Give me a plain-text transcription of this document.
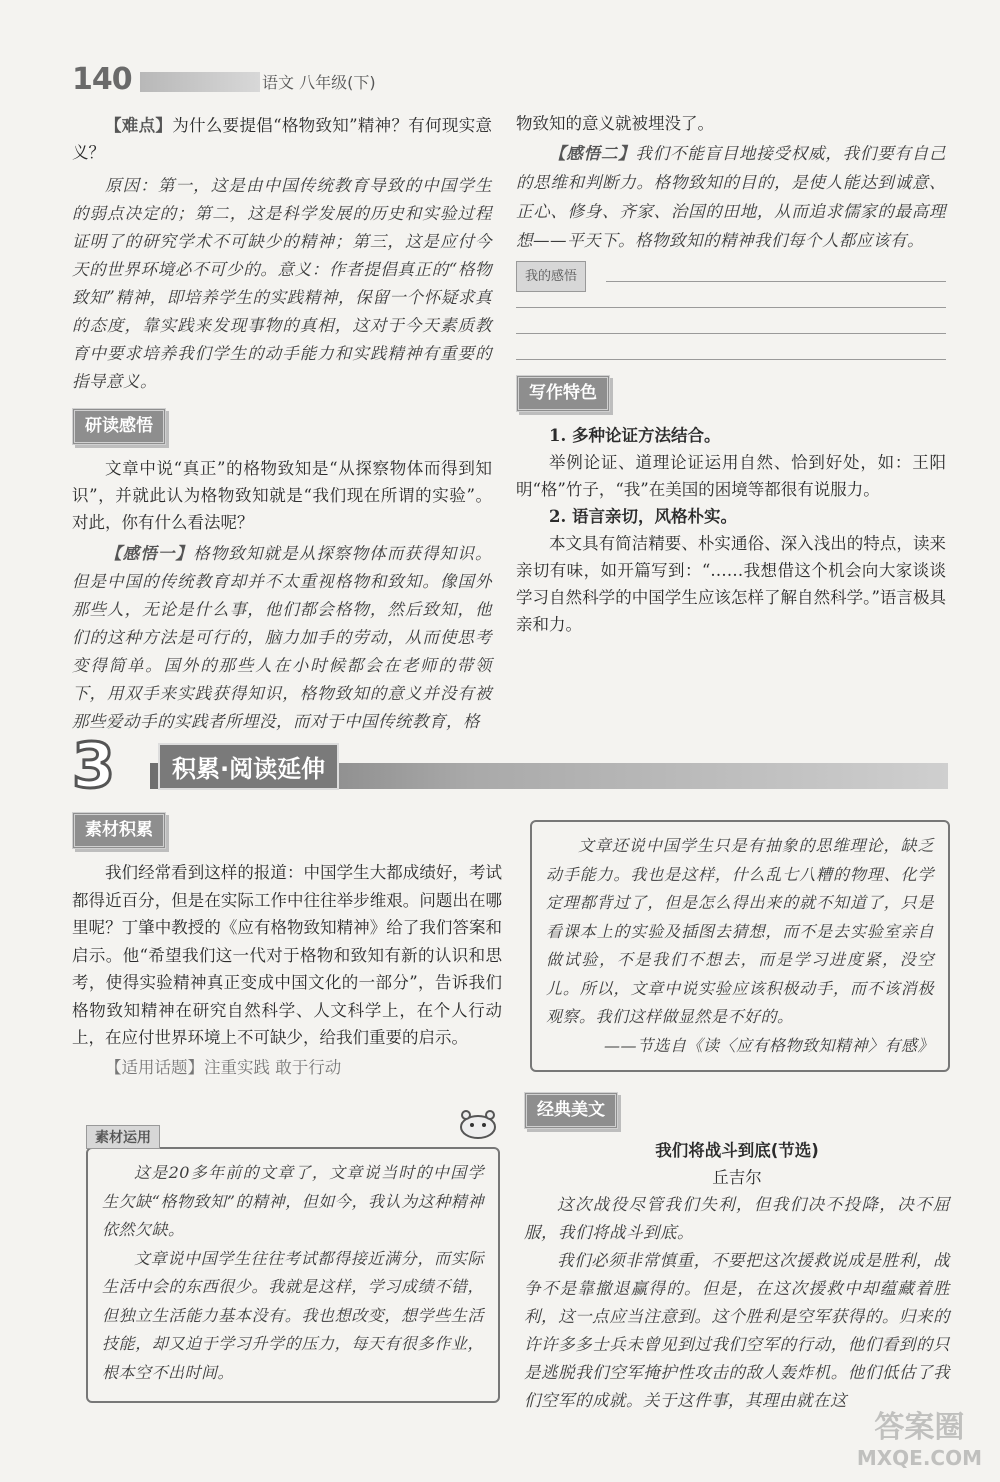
140	语文 八年级(下)

【难点】为什么要提倡“格物致知”精神？有何现实意义？

原因：第一，这是由中国传统教育导致的中国学生的弱点决定的；第二，这是科学发展的历史和实验过程证明了的研究学术不可缺少的精神；第三，这是应付今天的世界环境必不可少的。意义：作者提倡真正的“格物致知”精神，即培养学生的实践精神，保留一个怀疑求真的态度，靠实践来发现事物的真相，这对于今天素质教育中要求培养我们学生的动手能力和实践精神有重要的指导意义。

研读感悟

文章中说“真正”的格物致知是“从探察物体而得到知识”，并就此认为格物致知就是“我们现在所谓的实验”。对此，你有什么看法呢？

【感悟一】格物致知就是从探察物体而获得知识。但是中国的传统教育却并不太重视格物和致知。像国外那些人，无论是什么事，他们都会格物，然后致知，他们的这种方法是可行的，脑力加手的劳动，从而使思考变得简单。国外的那些人在小时候都会在老师的带领下，用双手来实践获得知识，格物致知的意义并没有被那些爱动手的实践者所埋没，而对于中国传统教育，格

物致知的意义就被埋没了。

【感悟二】我们不能盲目地接受权威，我们要有自己的思维和判断力。格物致知的目的，是使人能达到诚意、正心、修身、齐家、治国的田地，从而追求儒家的最高理想——平天下。格物致知的精神我们每个人都应该有。

我的感悟
写作特色

1. 多种论证方法结合。

举例论证、道理论证运用自然、恰到好处，如：王阳明“格”竹子，“我”在美国的困境等都很有说服力。

2. 语言亲切，风格朴实。

本文具有简洁精要、朴实通俗、深入浅出的特点，读来亲切有味，如开篇写到：“……我想借这个机会向大家谈谈学习自然科学的中国学生应该怎样了解自然科学。”语言极具亲和力。

3	积累·阅读延伸
素材积累

我们经常看到这样的报道：中国学生大都成绩好，考试都得近百分，但是在实际工作中往往举步维艰。问题出在哪里呢？丁肇中教授的《应有格物致知精神》给了我们答案和启示。他“希望我们这一代对于格物和致知有新的认识和思考，使得实验精神真正变成中国文化的一部分”，告诉我们格物致知精神在研究自然科学、人文科学上，在个人行动上，在应付世界环境上不可缺少，给我们重要的启示。

【适用话题】注重实践 敢于行动

素材运用

这是20多年前的文章了，文章说当时的中国学生欠缺“格物致知”的精神，但如今，我认为这种精神依然欠缺。

文章说中国学生往往考试都得接近满分，而实际生活中会的东西很少。我就是这样，学习成绩不错，但独立生活能力基本没有。我也想改变，想学些生活技能，却又迫于学习升学的压力，每天有很多作业，根本空不出时间。

文章还说中国学生只是有抽象的思维理论，缺乏动手能力。我也是这样，什么乱七八糟的物理、化学定理都背过了，但是怎么得出来的就不知道了，只是看课本上的实验及插图去猜想，而不是去实验室亲自做试验，不是我们不想去，而是学习进度紧，没空儿。所以，文章中说实验应该积极动手，而不该消极观察。我们这样做显然是不好的。

——节选自《读〈应有格物致知精神〉有感》

经典美文

我们将战斗到底(节选)

丘吉尔

这次战役尽管我们失利，但我们决不投降，决不屈服，我们将战斗到底。

我们必须非常慎重，不要把这次援救说成是胜利，战争不是靠撤退赢得的。但是，在这次援救中却蕴藏着胜利，这一点应当注意到。这个胜利是空军获得的。归来的许许多多士兵未曾见到过我们空军的行动，他们看到的只是逃脱我们空军掩护性攻击的敌人轰炸机。他们低估了我们空军的成就。关于这件事，其理由就在这

答案圈
MXQE.COM
